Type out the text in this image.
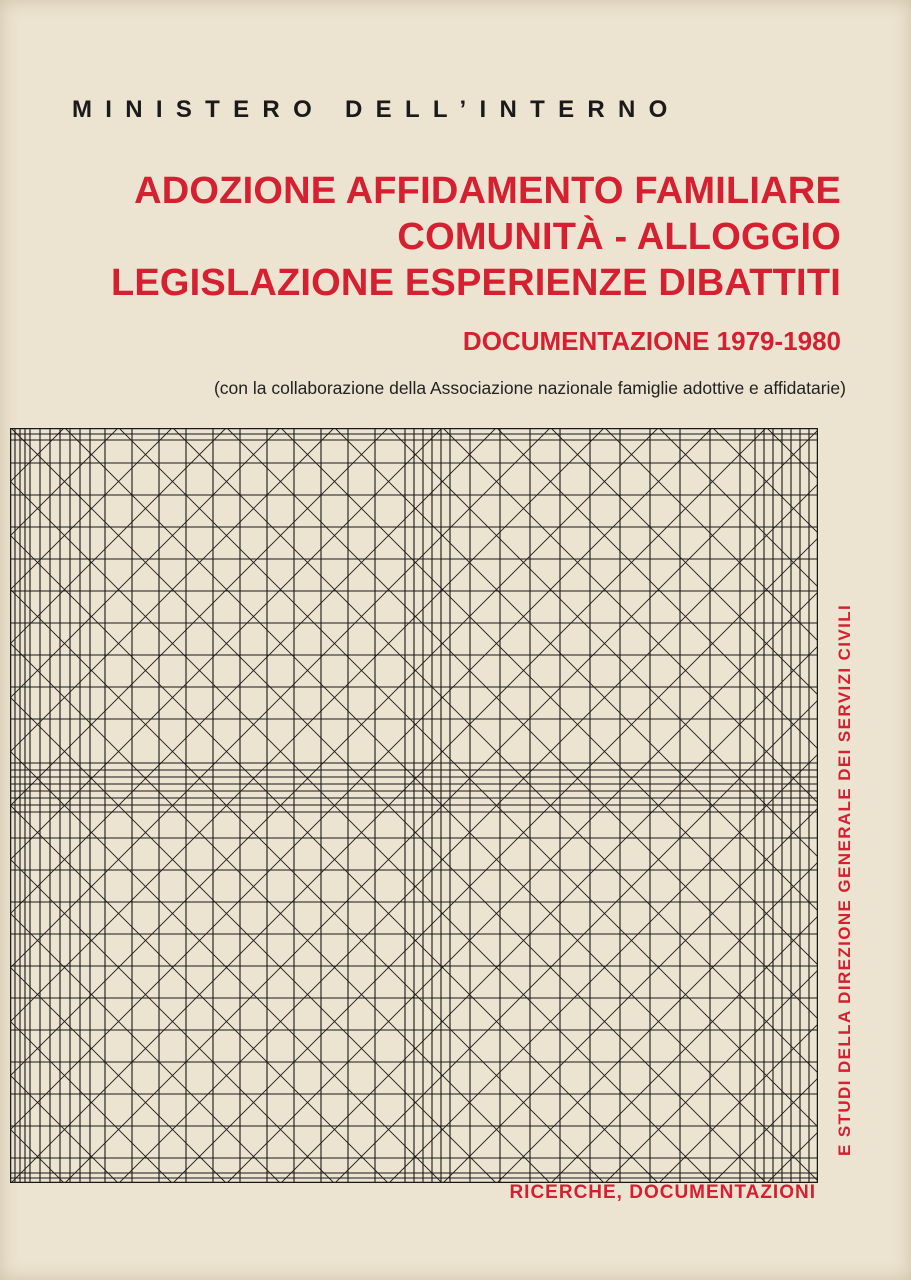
MINISTERO DELL’INTERNO
ADOZIONE AFFIDAMENTO FAMILIARE
COMUNITÀ - ALLOGGIO
LEGISLAZIONE ESPERIENZE DIBATTITI
DOCUMENTAZIONE 1979-1980
(con la collaborazione della Associazione nazionale famiglie adottive e affidatarie)
E STUDI DELLA DIREZIONE GENERALE DEI SERVIZI CIVILI
RICERCHE, DOCUMENTAZIONI
